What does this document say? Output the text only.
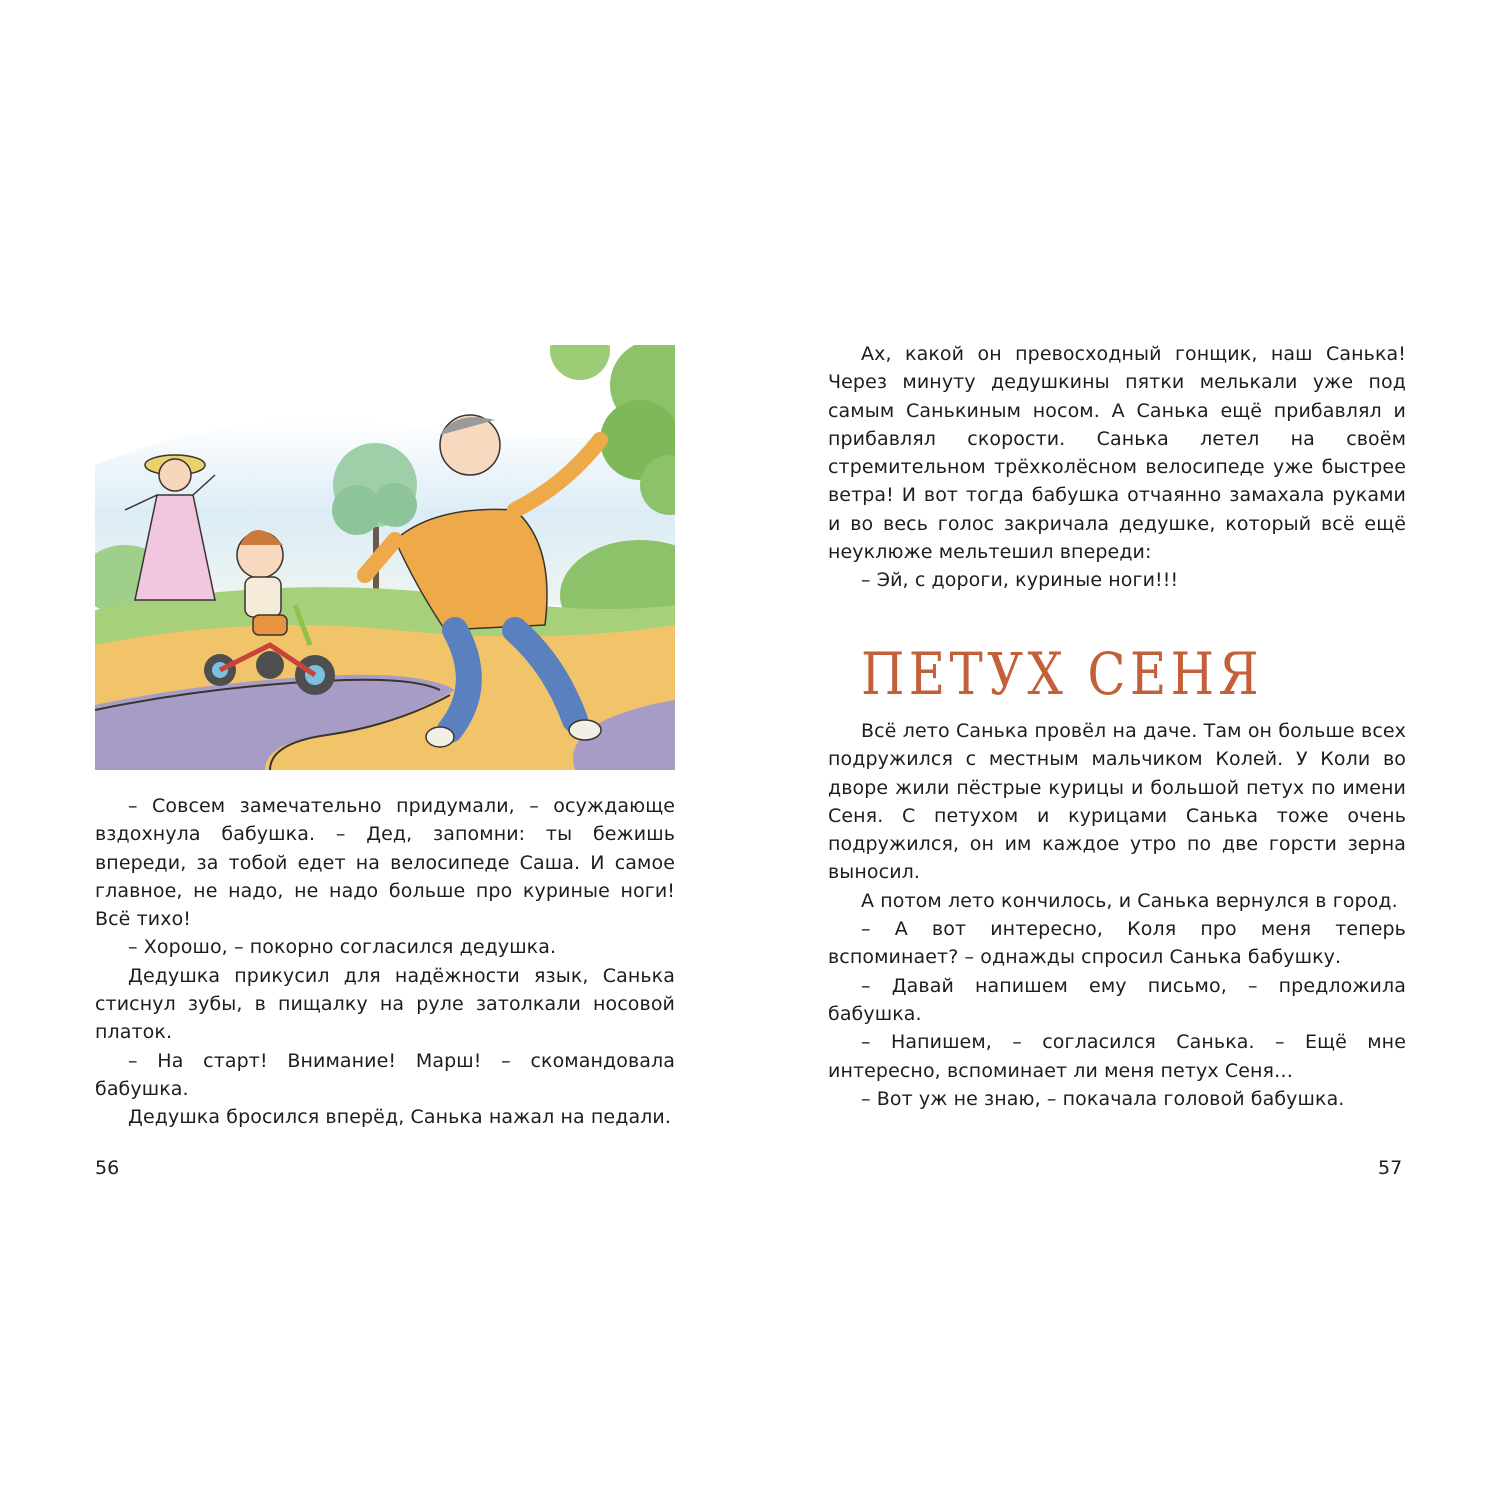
– Совсем замечательно придумали, – осуждающе вздохнула бабушка. – Дед, запомни: ты бежишь впереди, за тобой едет на велосипеде Саша. И самое главное, не надо, не надо больше про куриные ноги! Всё тихо!

– Хорошо, – покорно согласился дедушка.

Дедушка прикусил для надёжности язык, Санька стиснул зубы, в пищалку на руле затолкали носовой платок.

– На старт! Внимание! Марш! – скомандовала бабушка.

Дедушка бросился вперёд, Санька нажал на педали.

56

Ах, какой он превосходный гонщик, наш Санька! Через минуту дедушкины пятки мелькали уже под самым Санькиным носом. А Санька ещё прибавлял и прибавлял скорости. Санька летел на своём стремительном трёхколёсном велосипеде уже быстрее ветра! И вот тогда бабушка отчаянно замахала руками и во весь голос закричала дедушке, который всё ещё неуклюже мельтешил впереди:

– Эй, с дороги, куриные ноги!!!

ПЕТУХ СЕНЯ

Всё лето Санька провёл на даче. Там он больше всех подружился с местным мальчиком Колей. У Коли во дворе жили пёстрые курицы и большой петух по имени Сеня. С петухом и курицами Санька тоже очень подружился, он им каждое утро по две горсти зерна выносил.

А потом лето кончилось, и Санька вернулся в город.

– А вот интересно, Коля про меня теперь вспоминает? – однажды спросил Санька бабушку.

– Давай напишем ему письмо, – предложила бабушка.

– Напишем, – согласился Санька. – Ещё мне интересно, вспоминает ли меня петух Сеня…

– Вот уж не знаю, – покачала головой бабушка.

57
